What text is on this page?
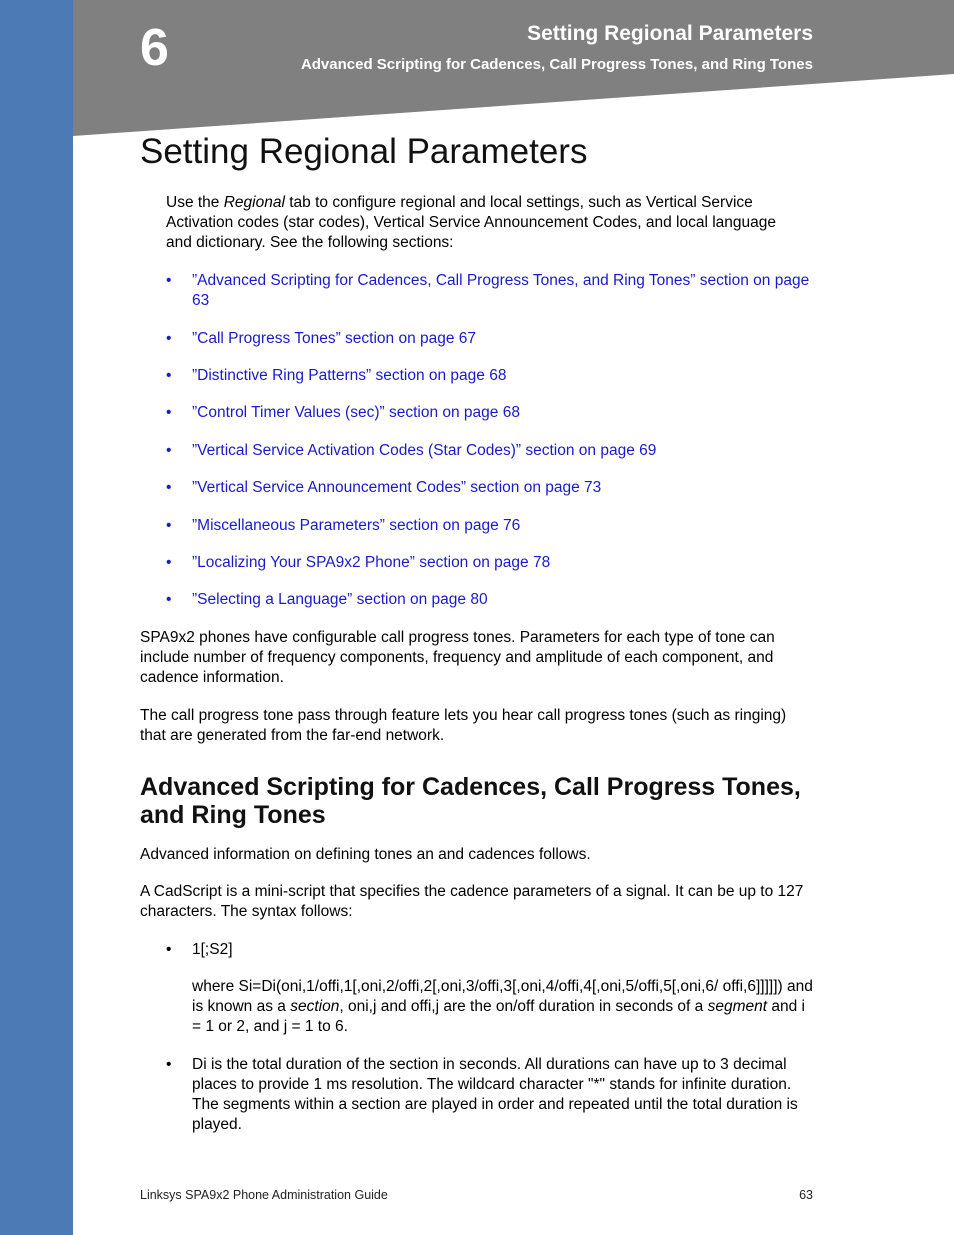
6	Setting Regional Parameters
Advanced Scripting for Cadences, Call Progress Tones, and Ring Tones
Setting Regional Parameters

Use the Regional tab to configure regional and local settings, such as Vertical Service Activation codes (star codes), Vertical Service Announcement Codes, and local language and dictionary. See the following sections:

• ”Advanced Scripting for Cadences, Call Progress Tones, and Ring Tones” section on page 63
• ”Call Progress Tones” section on page 67
• ”Distinctive Ring Patterns” section on page 68
• ”Control Timer Values (sec)” section on page 68
• ”Vertical Service Activation Codes (Star Codes)” section on page 69
• ”Vertical Service Announcement Codes” section on page 73
• ”Miscellaneous Parameters” section on page 76
• ”Localizing Your SPA9x2 Phone” section on page 78
• ”Selecting a Language” section on page 80

SPA9x2 phones have configurable call progress tones. Parameters for each type of tone can include number of frequency components, frequency and amplitude of each component, and cadence information.

The call progress tone pass through feature lets you hear call progress tones (such as ringing) that are generated from the far-end network.

Advanced Scripting for Cadences, Call Progress Tones, and Ring Tones

Advanced information on defining tones an and cadences follows.

A CadScript is a mini-script that specifies the cadence parameters of a signal. It can be up to 127 characters. The syntax follows:

• 1[;S2]

where Si=Di(oni,1/offi,1[,oni,2/offi,2[,oni,3/offi,3[,oni,4/offi,4[,oni,5/offi,5[,oni,6/ offi,6]]]]]) and is known as a section, oni,j and offi,j are the on/off duration in seconds of a segment and i = 1 or 2, and j = 1 to 6.

• Di is the total duration of the section in seconds. All durations can have up to 3 decimal places to provide 1 ms resolution. The wildcard character "*" stands for infinite duration. The segments within a section are played in order and repeated until the total duration is played.
Linksys SPA9x2 Phone Administration Guide	63
